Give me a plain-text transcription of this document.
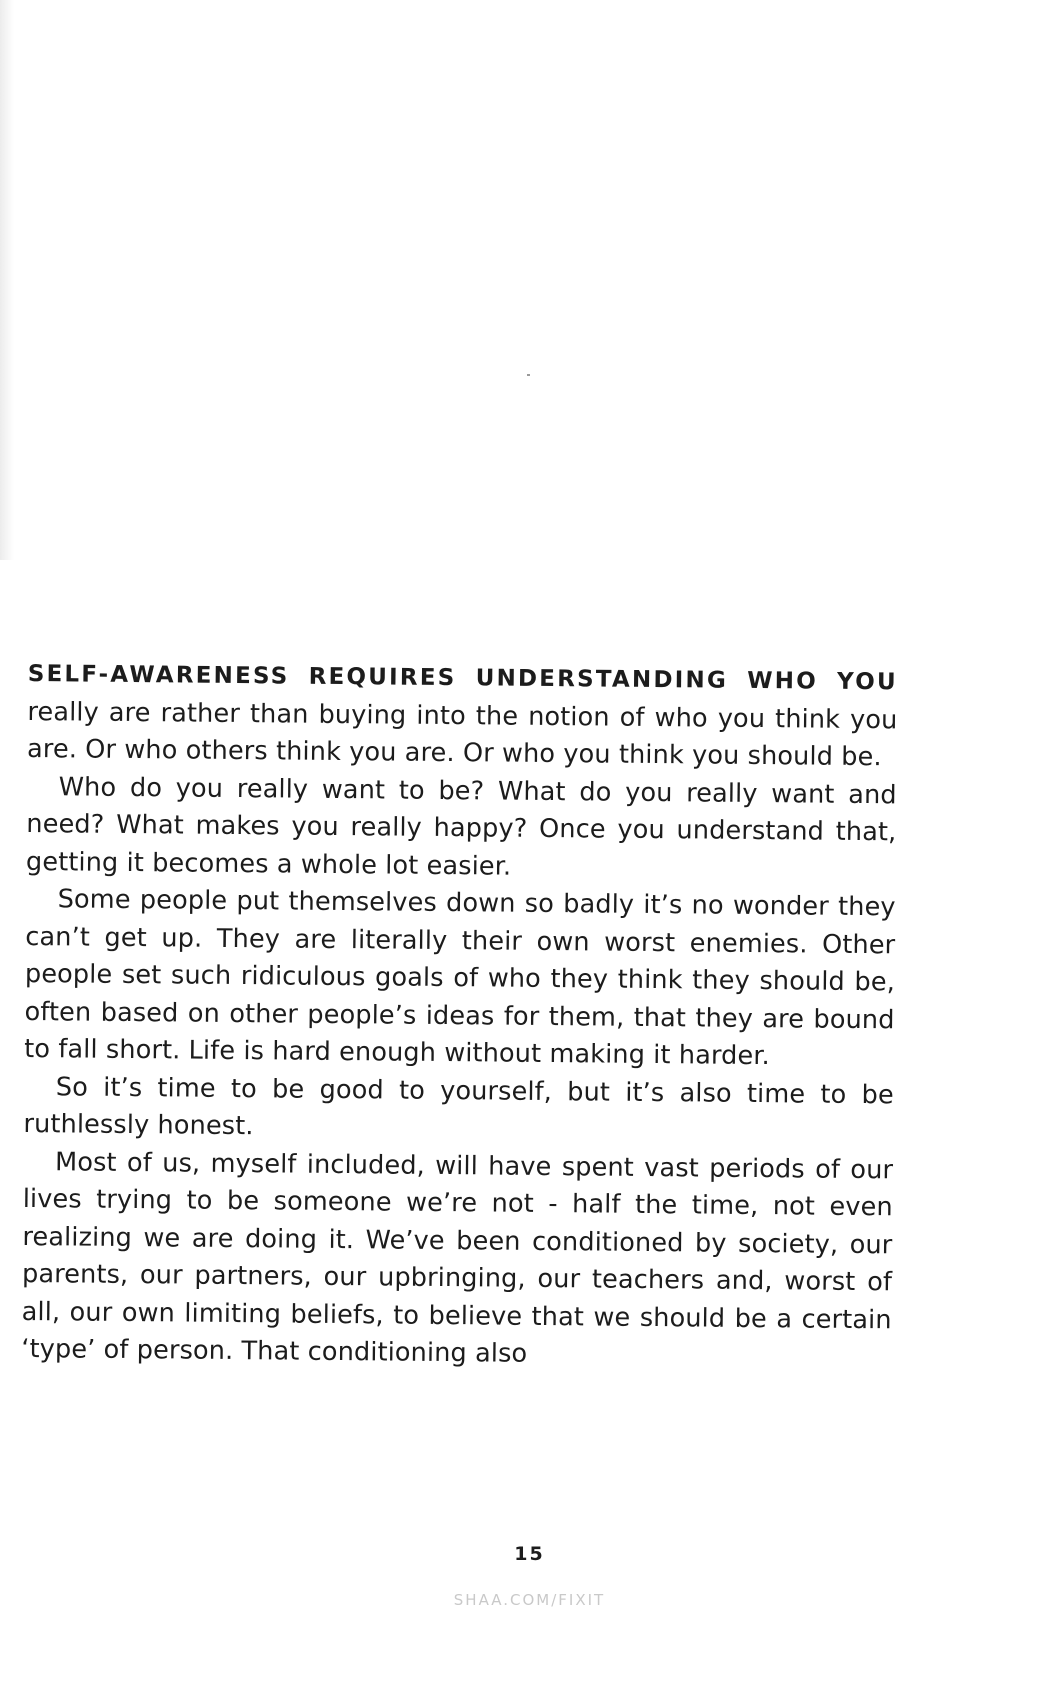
SELF-AWARENESS REQUIRES UNDERSTANDING WHO YOU really are rather than buying into the notion of who you think you are. Or who others think you are. Or who you think you should be.

Who do you really want to be? What do you really want and need? What makes you really happy? Once you understand that, getting it becomes a whole lot easier.

Some people put themselves down so badly it’s no wonder they can’t get up. They are literally their own worst enemies. Other people set such ridiculous goals of who they think they should be, often based on other people’s ideas for them, that they are bound to fall short. Life is hard enough without making it harder.

So it’s time to be good to yourself, but it’s also time to be ruthlessly honest.

Most of us, myself included, will have spent vast periods of our lives trying to be someone we’re not - half the time, not even realizing we are doing it. We’ve been conditioned by society, our parents, our partners, our upbringing, our teachers and, worst of all, our own limiting beliefs, to believe that we should be a certain ‘type’ of person. That conditioning also

15
SHAA.COM/FIXIT
